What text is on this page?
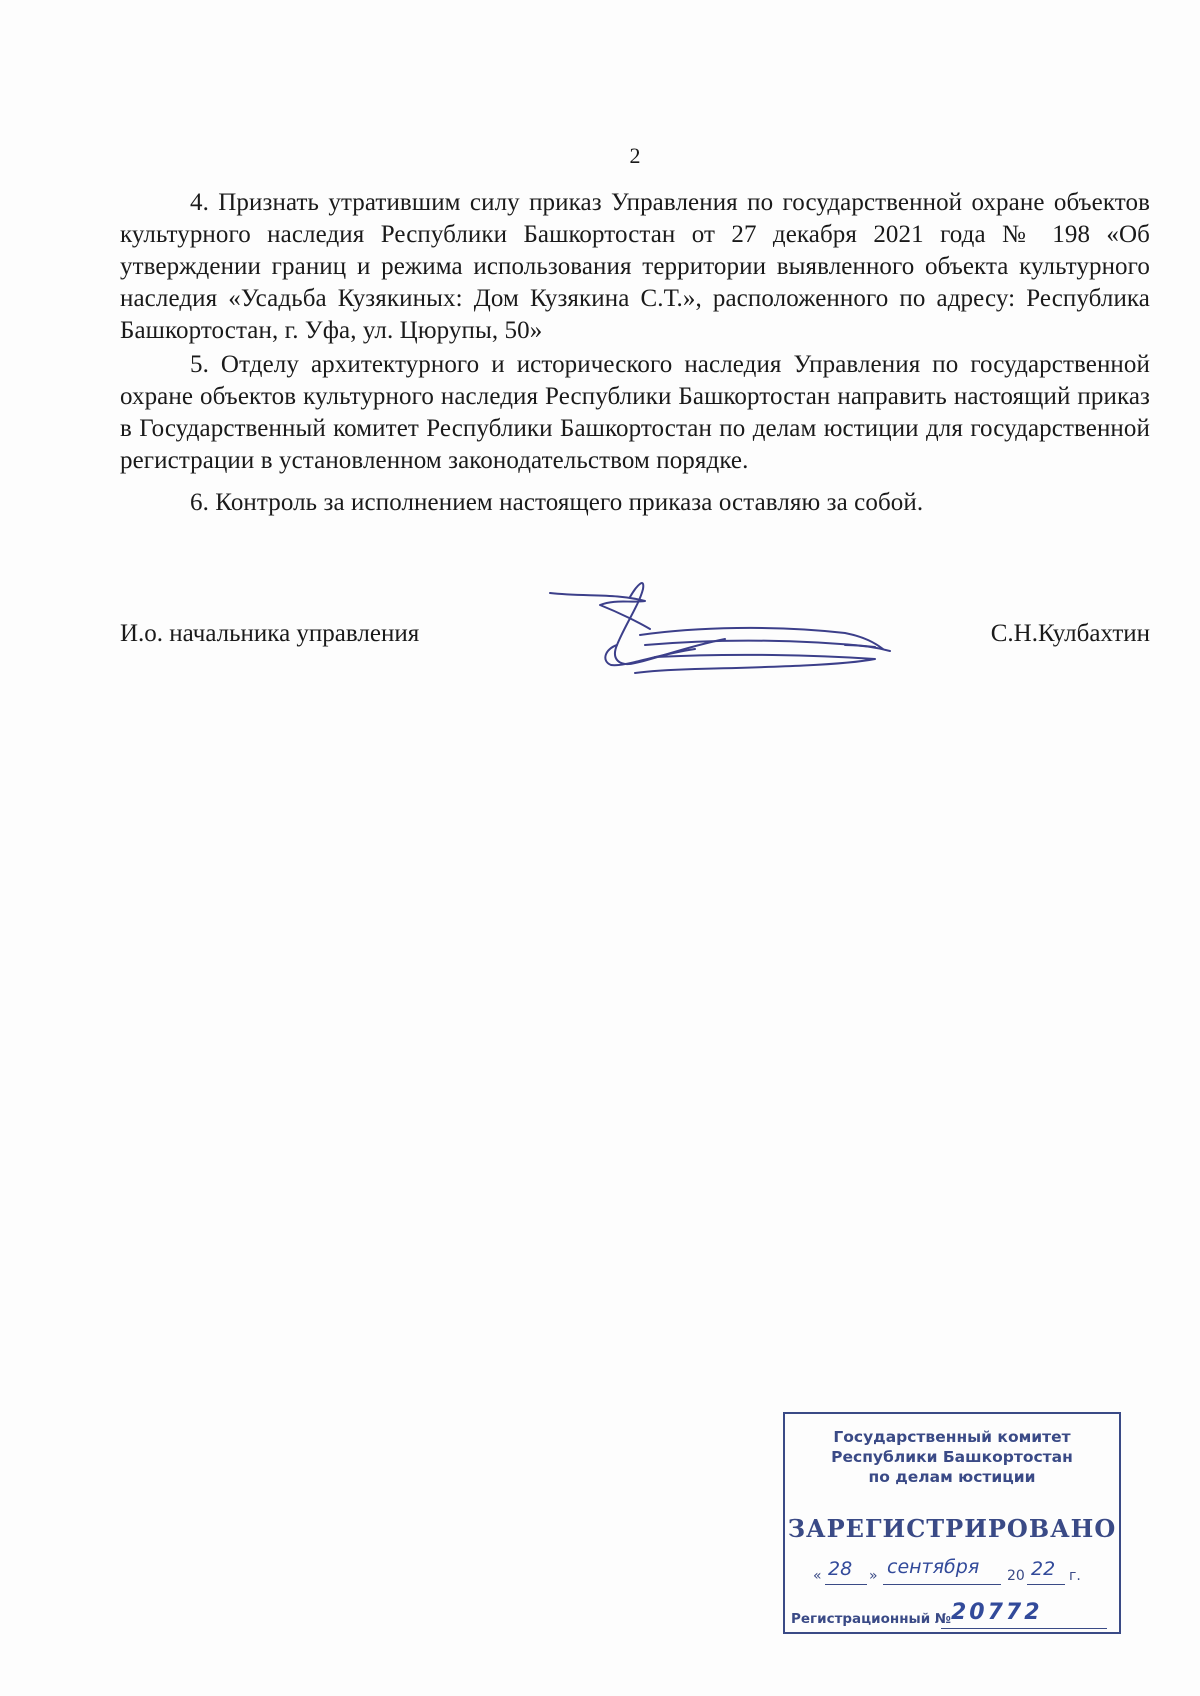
2

4. Признать утратившим силу приказ Управления по государственной охране объектов культурного наследия Республики Башкортостан от 27 декабря 2021 года № 198 «Об утверждении границ и режима использования территории выявленного объекта культурного наследия «Усадьба Кузякиных: Дом Кузякина С.Т.», расположенного по адресу: Республика Башкортостан, г. Уфа, ул. Цюрупы, 50»

5. Отделу архитектурного и исторического наследия Управления по государственной охране объектов культурного наследия Республики Башкортостан направить настоящий приказ в Государственный комитет Республики Башкортостан по делам юстиции для государственной регистрации в установленном законодательством порядке.

6. Контроль за исполнением настоящего приказа оставляю за собой.

И.о. начальника управления	С.Н.Кулбахтин
Государственный комитет
Республики Башкортостан
по делам юстиции
ЗАРЕГИСТРИРОВАНО
« 28 » сентября 20 22 г.
Регистрационный № 20772
